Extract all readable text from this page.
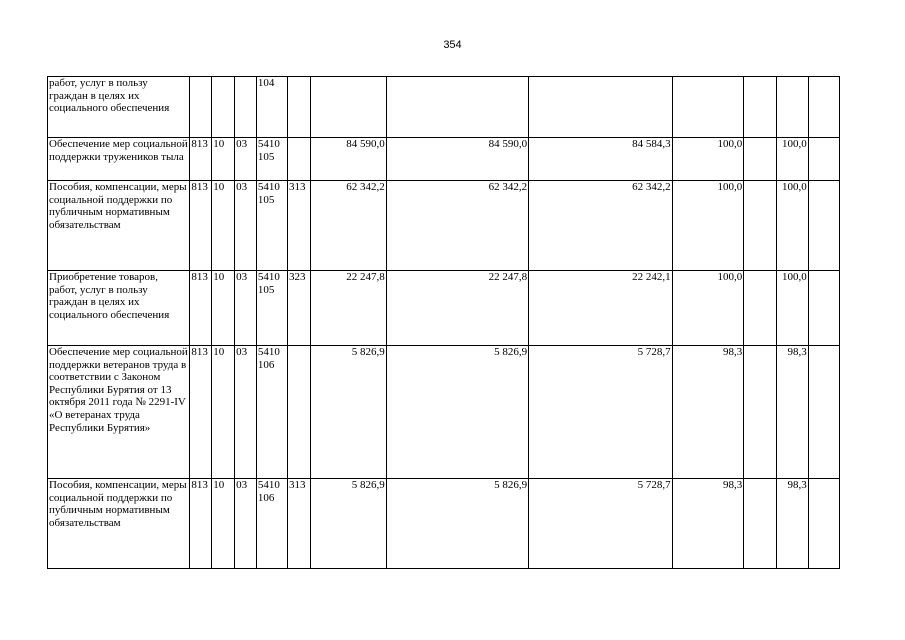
354
работ, услуг в пользу граждан в целях их социального обеспечения				104								
Обеспечение мер социальной поддержки тружеников тыла	813	10	03	5410 105		84 590,0	84 590,0	84 584,3	100,0		100,0	
Пособия, компенсации, меры социальной поддержки по публичным нормативным обязательствам	813	10	03	5410 105	313	62 342,2	62 342,2	62 342,2	100,0		100,0	
Приобретение товаров, работ, услуг в пользу граждан в целях их социального обеспечения	813	10	03	5410 105	323	22 247,8	22 247,8	22 242,1	100,0		100,0	
Обеспечение мер социальной поддержки ветеранов труда в соответствии с Законом Республики Бурятия от 13 октября 2011 года № 2291-IV «О ветеранах труда Республики Бурятия»	813	10	03	5410 106		5 826,9	5 826,9	5 728,7	98,3		98,3	
Пособия, компенсации, меры социальной поддержки по публичным нормативным обязательствам	813	10	03	5410 106	313	5 826,9	5 826,9	5 728,7	98,3		98,3	
